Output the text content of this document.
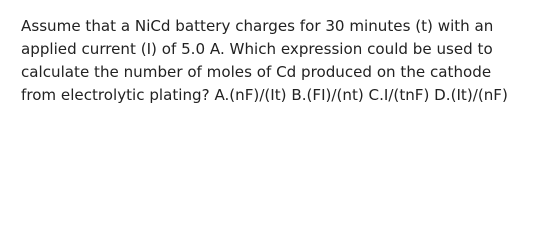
Assume that a NiCd battery charges for 30 minutes (t) with an
applied current (I) of 5.0 A. Which expression could be used to
calculate the number of moles of Cd produced on the cathode
from electrolytic plating? A.(nF)/(It) B.(FI)/(nt) C.I/(tnF) D.(It)/(nF)
